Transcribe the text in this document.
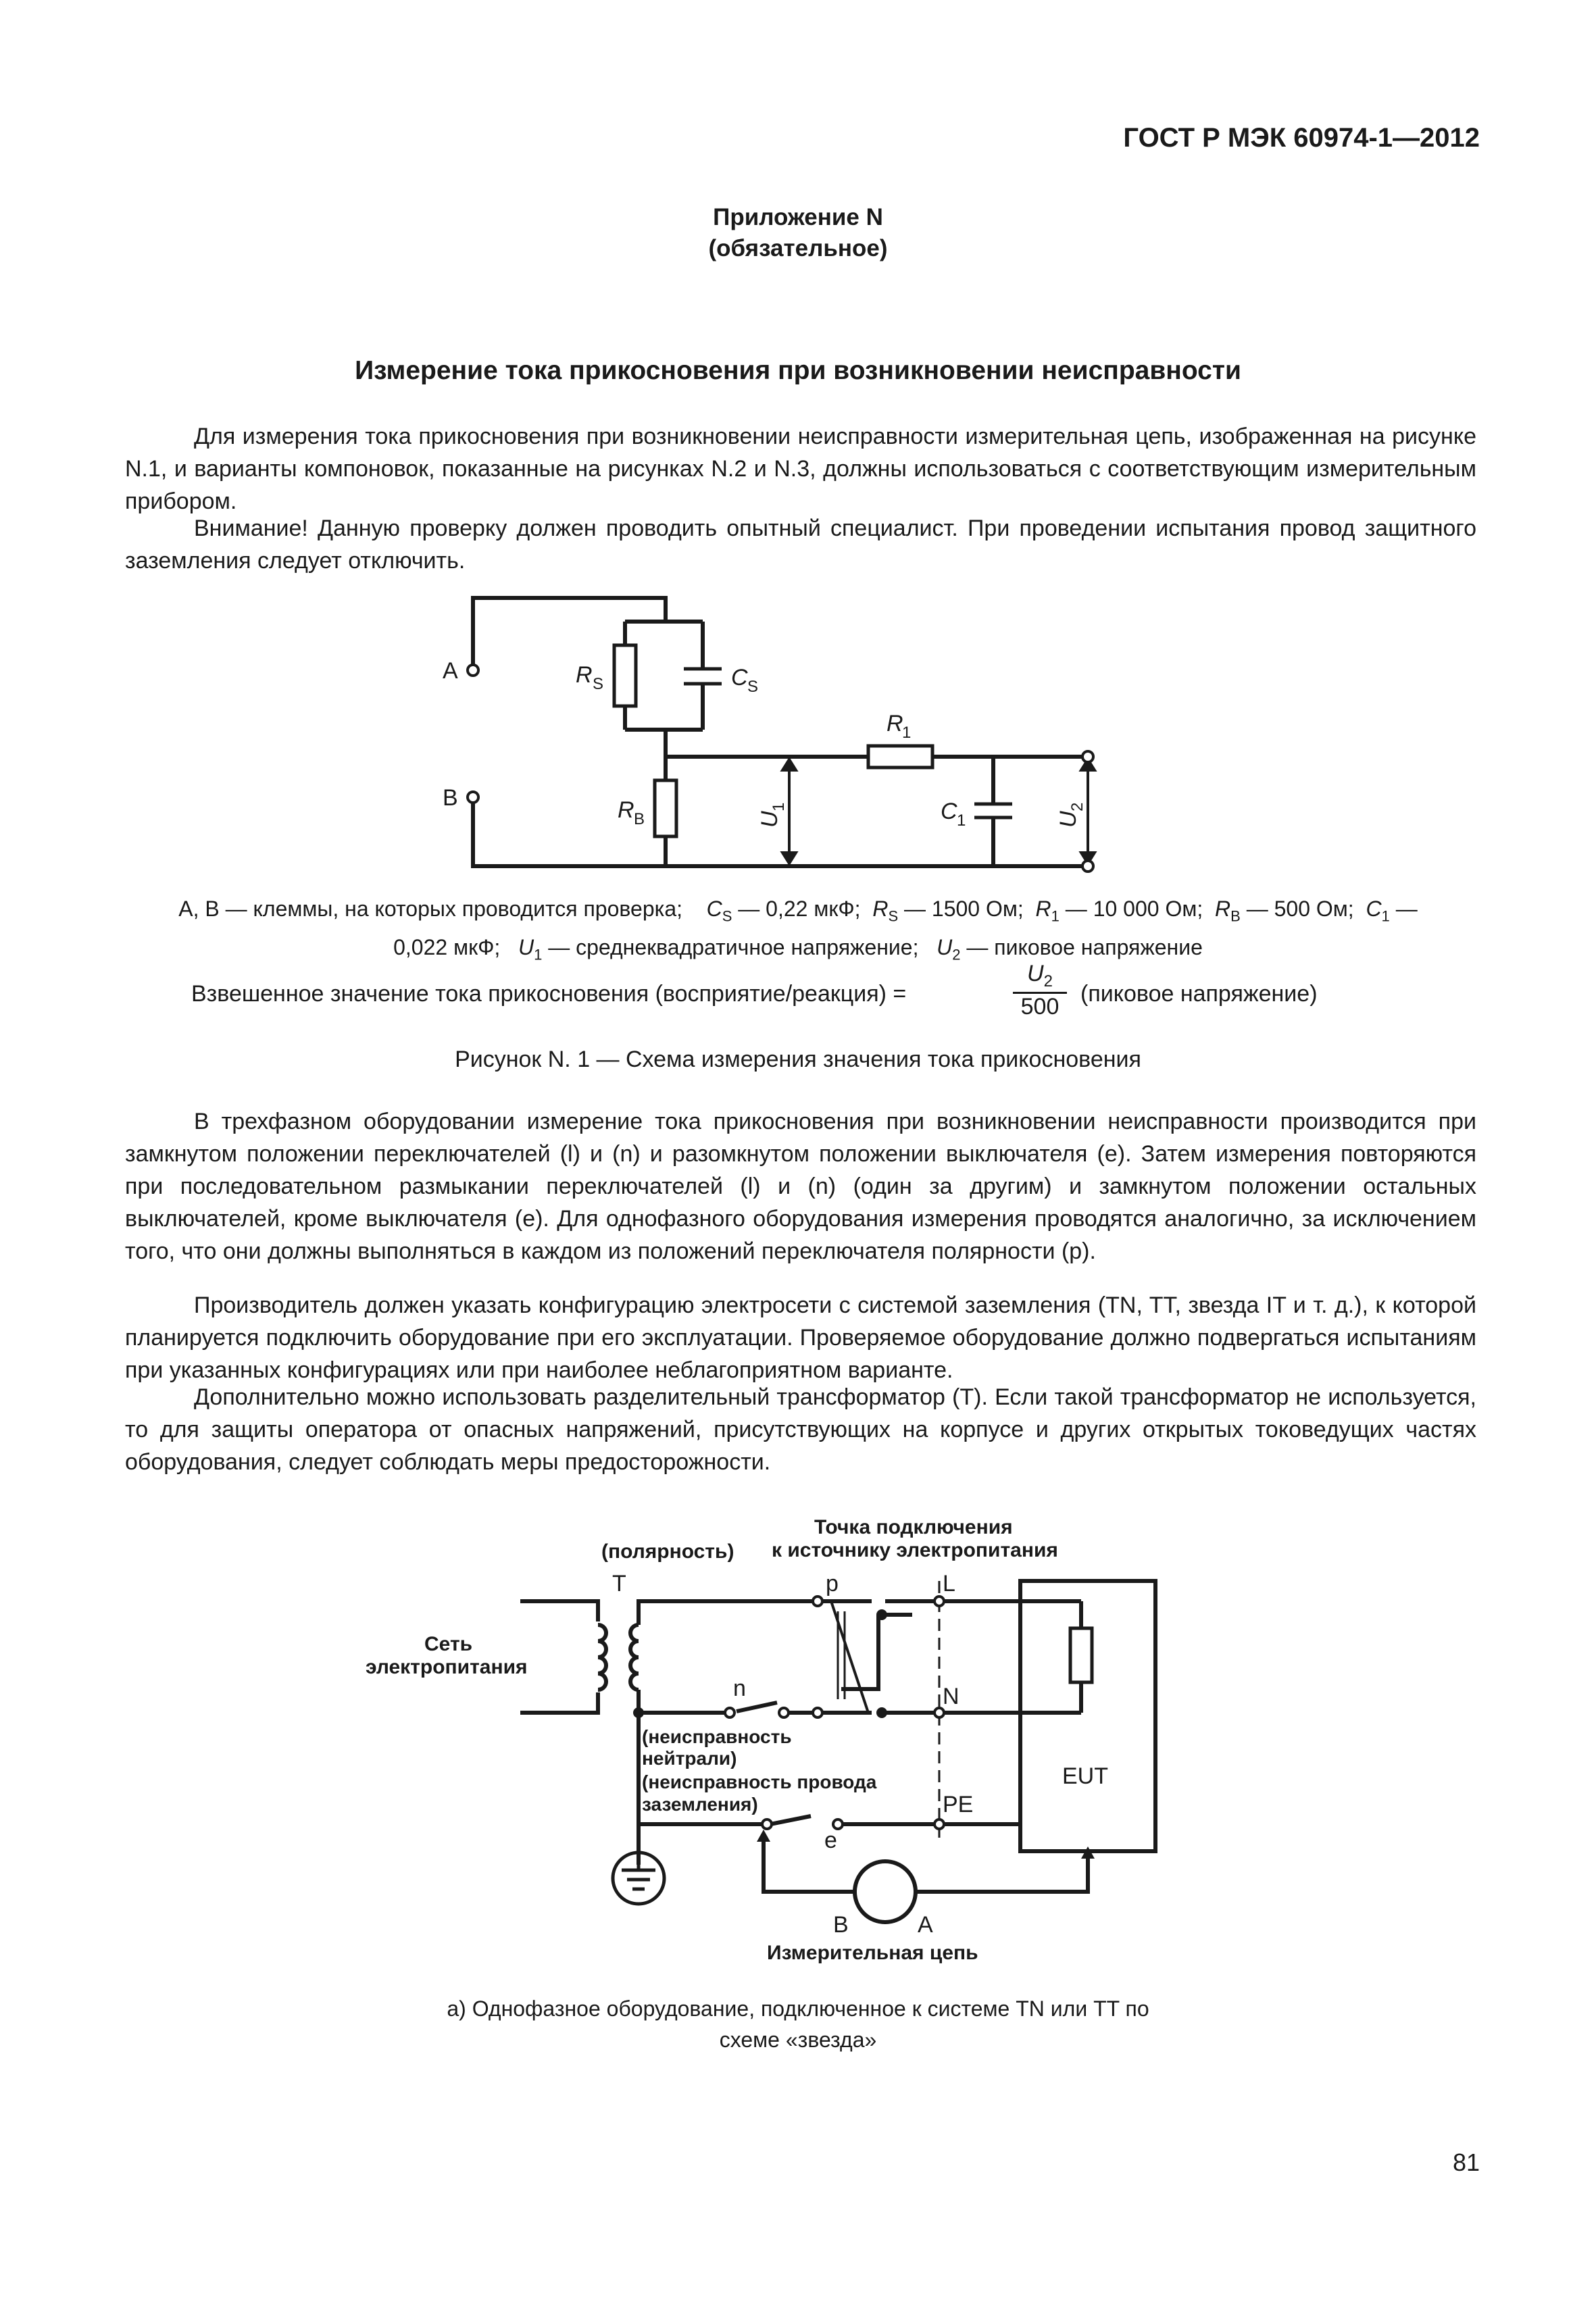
ГОСТ Р МЭК 60974-1—2012
Приложение N
(обязательное)
Измерение тока прикосновения при возникновении неисправности

Для измерения тока прикосновения при возникновении неисправности измерительная цепь, изображенная на рисунке N.1, и варианты компоновок, показанные на рисунках N.2 и N.3, должны использоваться с соответствующим измерительным прибором.

Внимание! Данную проверку должен проводить опытный специалист. При проведении испытания провод защитного заземления следует отключить.

A
B
R S	C S
R
1
R B	C 1
U
1
U
2
A, B — клеммы, на которых проводится проверка; $C_S$ — 0,22 мкФ; $R_S$ — 1500 Ом; $R_1$ — 10 000 Ом; $R_B$ — 500 Ом; $C_1$ —
0,022 мкФ; $U_1$ — среднеквадратичное напряжение; $U_2$ — пиковое напряжение
Взвешенное значение тока прикосновения (восприятие/реакция) =
$U_2$
500 (пиковое напряжение)
Рисунок N. 1 — Схема измерения значения тока прикосновения

В трехфазном оборудовании измерение тока прикосновения при возникновении неисправности производится при замкнутом положении переключателей (l) и (n) и разомкнутом положении выключателя (e). Затем измерения повторяются при последовательном размыкании переключателей (l) и (n) (один за другим) и замкнутом положении остальных выключателей, кроме выключателя (e). Для однофазного оборудования измерения проводятся аналогично, за исключением того, что они должны выполняться в каждом из положений переключателя полярности (p).

Производитель должен указать конфигурацию электросети с системой заземления (TN, TT, звезда IT и т. д.), к которой планируется подключить оборудование при его эксплуатации. Проверяемое оборудование должно подвергаться испытаниям при указанных конфигурациях или при наиболее неблагоприятном варианте.

Дополнительно можно использовать разделительный трансформатор (T). Если такой трансформатор не используется, то для защиты оператора от опасных напряжений, присутствующих на корпусе и других открытых токоведущих частях оборудования, следует соблюдать меры предосторожности.

Точка подключения
к источнику электропитания
(полярность)
Сеть
электропитания
(неисправность
нейтрали)
(неисправность провода
заземления)
Измерительная цепь
T	p
n
e
L
N
PE
EUT
B	A
а) Однофазное оборудование, подключенное к системе TN или TT по
схеме «звезда»
81
